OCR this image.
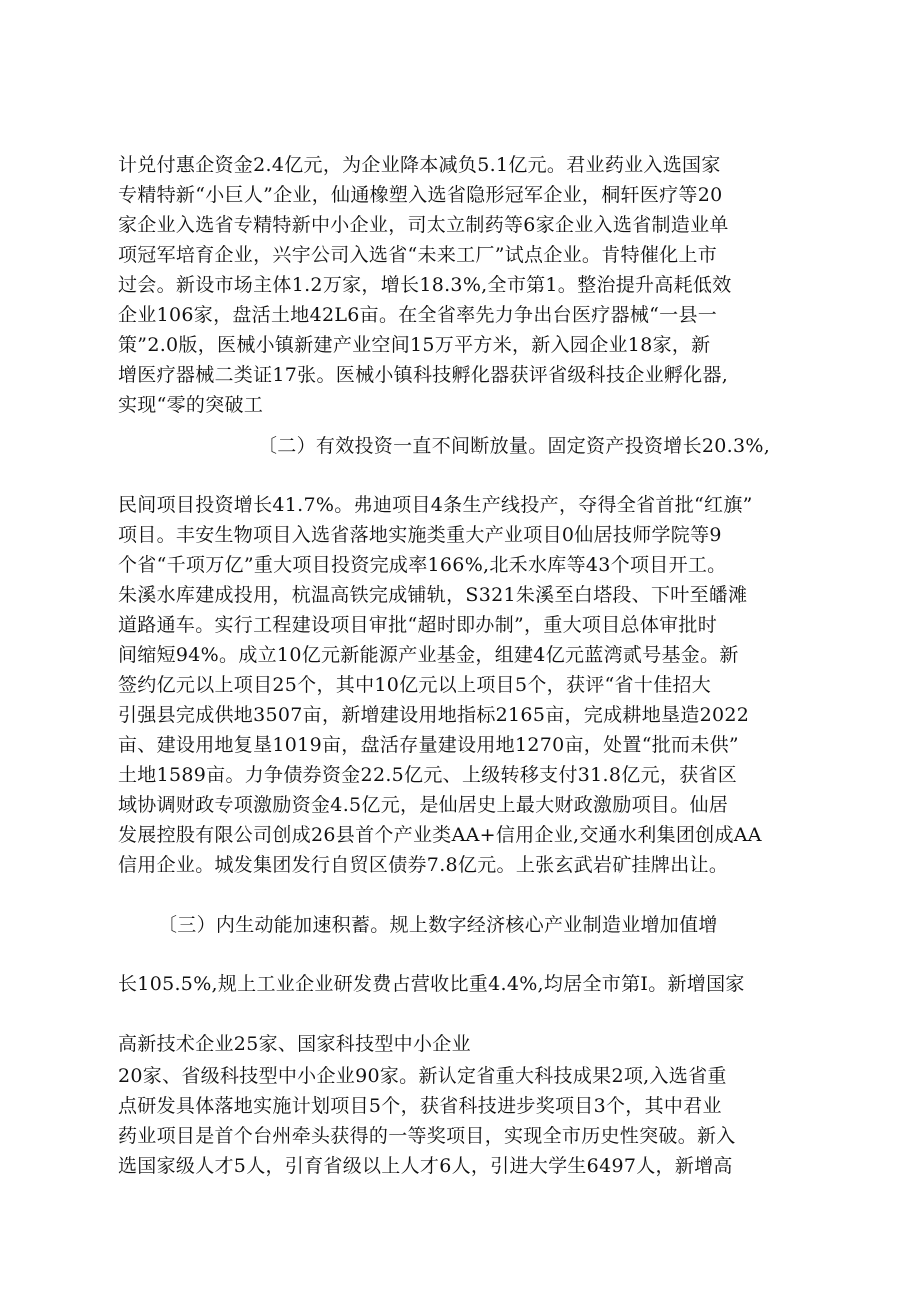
计兑付惠企资金2.4亿元，为企业降本减负5.1亿元。君业药业入选国家
专精特新“小巨人”企业，仙通橡塑入选省隐形冠军企业，桐轩医疗等20
家企业入选省专精特新中小企业，司太立制药等6家企业入选省制造业单
项冠军培育企业，兴宇公司入选省“未来工厂”试点企业。肯特催化上市
过会。新设市场主体1.2万家，增长18.3%,全市第1。整治提升高耗低效
企业106家，盘活土地42L6亩。在全省率先力争出台医疗器械“一县一
策”2.0版，医械小镇新建产业空间15万平方米，新入园企业18家，新
增医疗器械二类证17张。医械小镇科技孵化器获评省级科技企业孵化器,
实现“零的突破工
〔二）有效投资一直不间断放量。固定资产投资增长20.3%,
民间项目投资增长41.7%。弗迪项目4条生产线投产，夺得全省首批“红旗”
项目。丰安生物项目入选省落地实施类重大产业项目0仙居技师学院等9
个省“千项万亿”重大项目投资完成率166%,北禾水库等43个项目开工。
朱溪水库建成投用，杭温高铁完成铺轨，S321朱溪至白塔段、下叶至皤滩
道路通车。实行工程建设项目审批“超时即办制”，重大项目总体审批时
间缩短94%。成立10亿元新能源产业基金，组建4亿元蓝湾贰号基金。新
签约亿元以上项目25个，其中10亿元以上项目5个，获评“省十佳招大
引强县完成供地3507亩，新增建设用地指标2165亩，完成耕地垦造2022
亩、建设用地复垦1019亩，盘活存量建设用地1270亩，处置“批而未供”
土地1589亩。力争债券资金22.5亿元、上级转移支付31.8亿元，获省区
域协调财政专项激励资金4.5亿元，是仙居史上最大财政激励项目。仙居
发展控股有限公司创成26县首个产业类AA+信用企业,交通水利集团创成AA
信用企业。城发集团发行自贸区债券7.8亿元。上张玄武岩矿挂牌出让。
〔三）内生动能加速积蓄。规上数字经济核心产业制造业增加值增
长105.5%,规上工业企业研发费占营收比重4.4%,均居全市第I。新增国家
高新技术企业25家、国家科技型中小企业
20家、省级科技型中小企业90家。新认定省重大科技成果2项,入选省重
点研发具体落地实施计划项目5个，获省科技进步奖项目3个，其中君业
药业项目是首个台州牵头获得的一等奖项目，实现全市历史性突破。新入
选国家级人才5人，引育省级以上人才6人，引进大学生6497人，新增高
